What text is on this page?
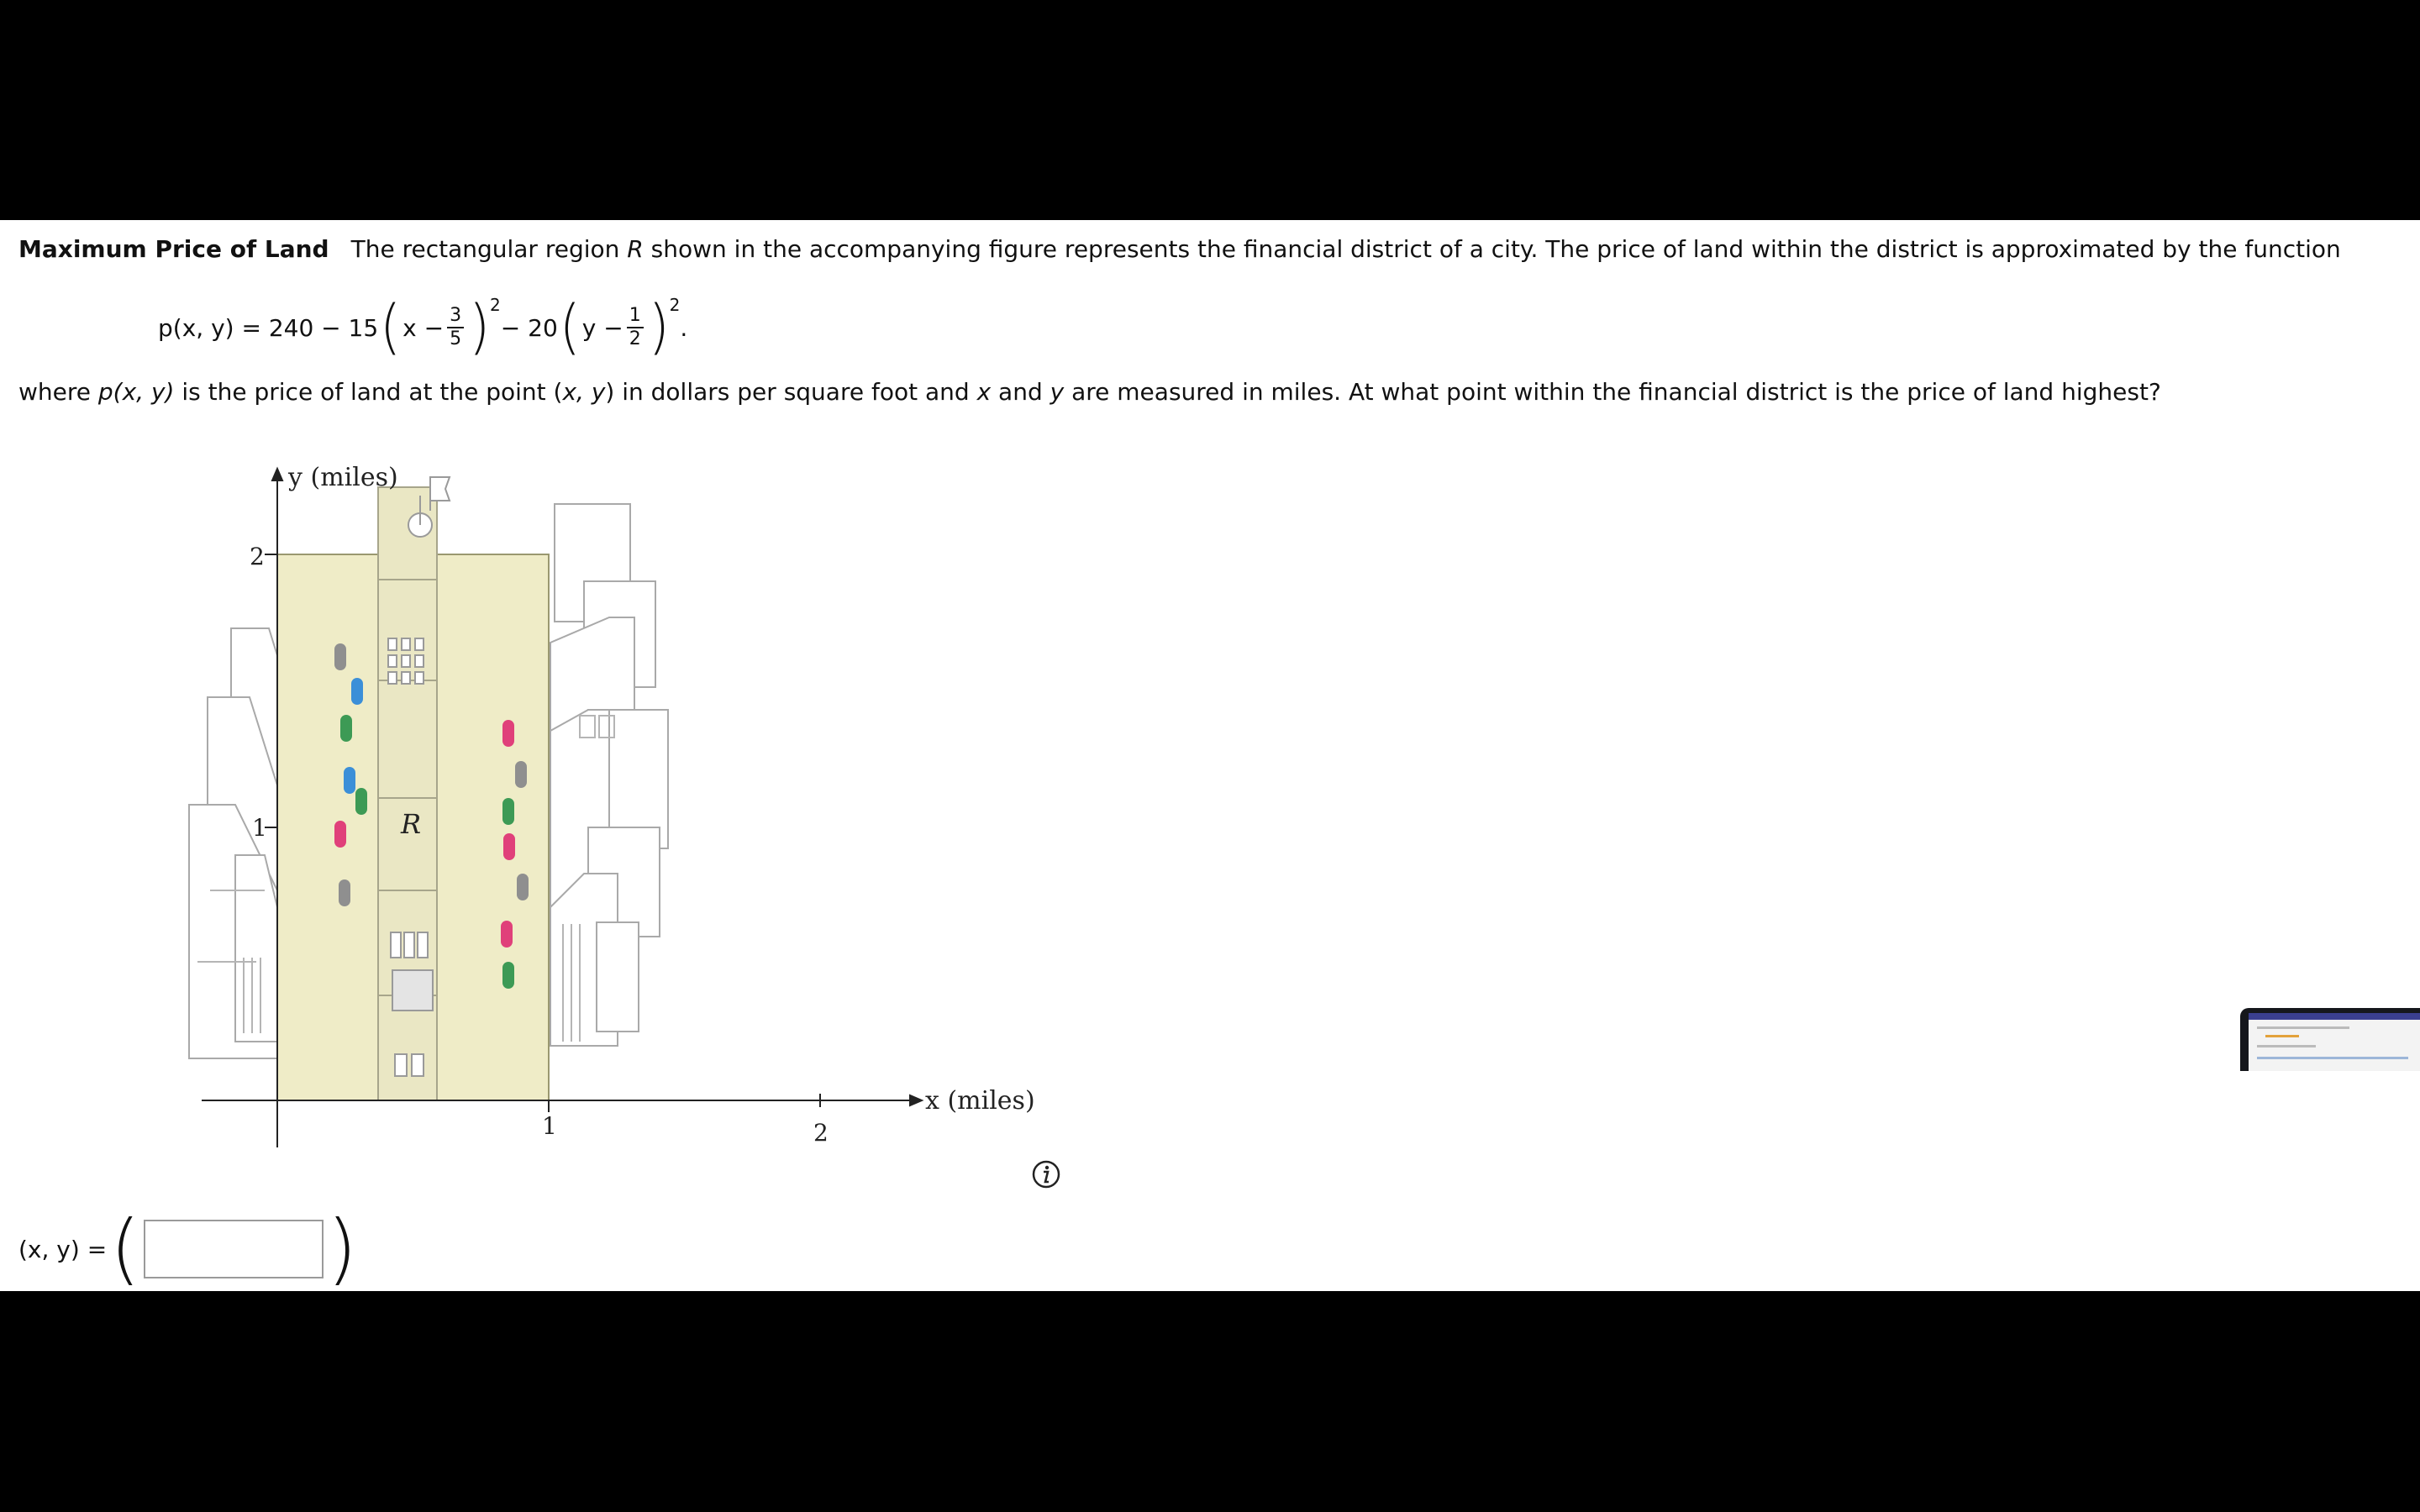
Maximum Price of Land The rectangular region R shown in the accompanying figure represents the financial district of a city. The price of land within the district is approximated by the function
p(x, y) = 240 − 15 ( $x - \frac{3}{5}$ ) 2
− 20 ( $y - \frac{1}{2}$ ) 2
.
where p(x, y) is the price of land at the point (x, y) in dollars per square foot and x and y are measured in miles. At what point within the financial district is the price of land highest?
y (miles)
x (miles)
2
1
1	2
R
(x, y) = ( )
